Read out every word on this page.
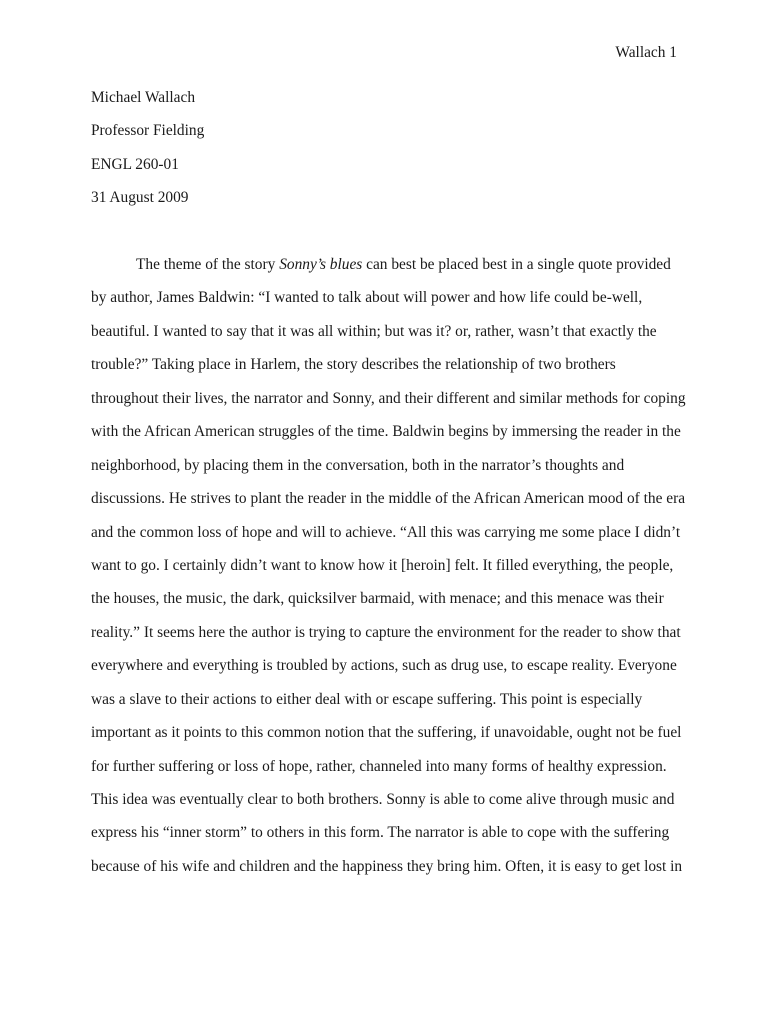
Wallach 1
Michael Wallach
Professor Fielding
ENGL 260-01
31 August 2009
The theme of the story Sonny’s blues can best be placed best in a single quote provided
by author, James Baldwin: “I wanted to talk about will power and how life could be-well,
beautiful. I wanted to say that it was all within; but was it? or, rather, wasn’t that exactly the
trouble?” Taking place in Harlem, the story describes the relationship of two brothers
throughout their lives, the narrator and Sonny, and their different and similar methods for coping
with the African American struggles of the time. Baldwin begins by immersing the reader in the
neighborhood, by placing them in the conversation, both in the narrator’s thoughts and
discussions. He strives to plant the reader in the middle of the African American mood of the era
and the common loss of hope and will to achieve. “All this was carrying me some place I didn’t
want to go. I certainly didn’t want to know how it [heroin] felt. It filled everything, the people,
the houses, the music, the dark, quicksilver barmaid, with menace; and this menace was their
reality.” It seems here the author is trying to capture the environment for the reader to show that
everywhere and everything is troubled by actions, such as drug use, to escape reality. Everyone
was a slave to their actions to either deal with or escape suffering. This point is especially
important as it points to this common notion that the suffering, if unavoidable, ought not be fuel
for further suffering or loss of hope, rather, channeled into many forms of healthy expression.
This idea was eventually clear to both brothers. Sonny is able to come alive through music and
express his “inner storm” to others in this form. The narrator is able to cope with the suffering
because of his wife and children and the happiness they bring him. Often, it is easy to get lost in
